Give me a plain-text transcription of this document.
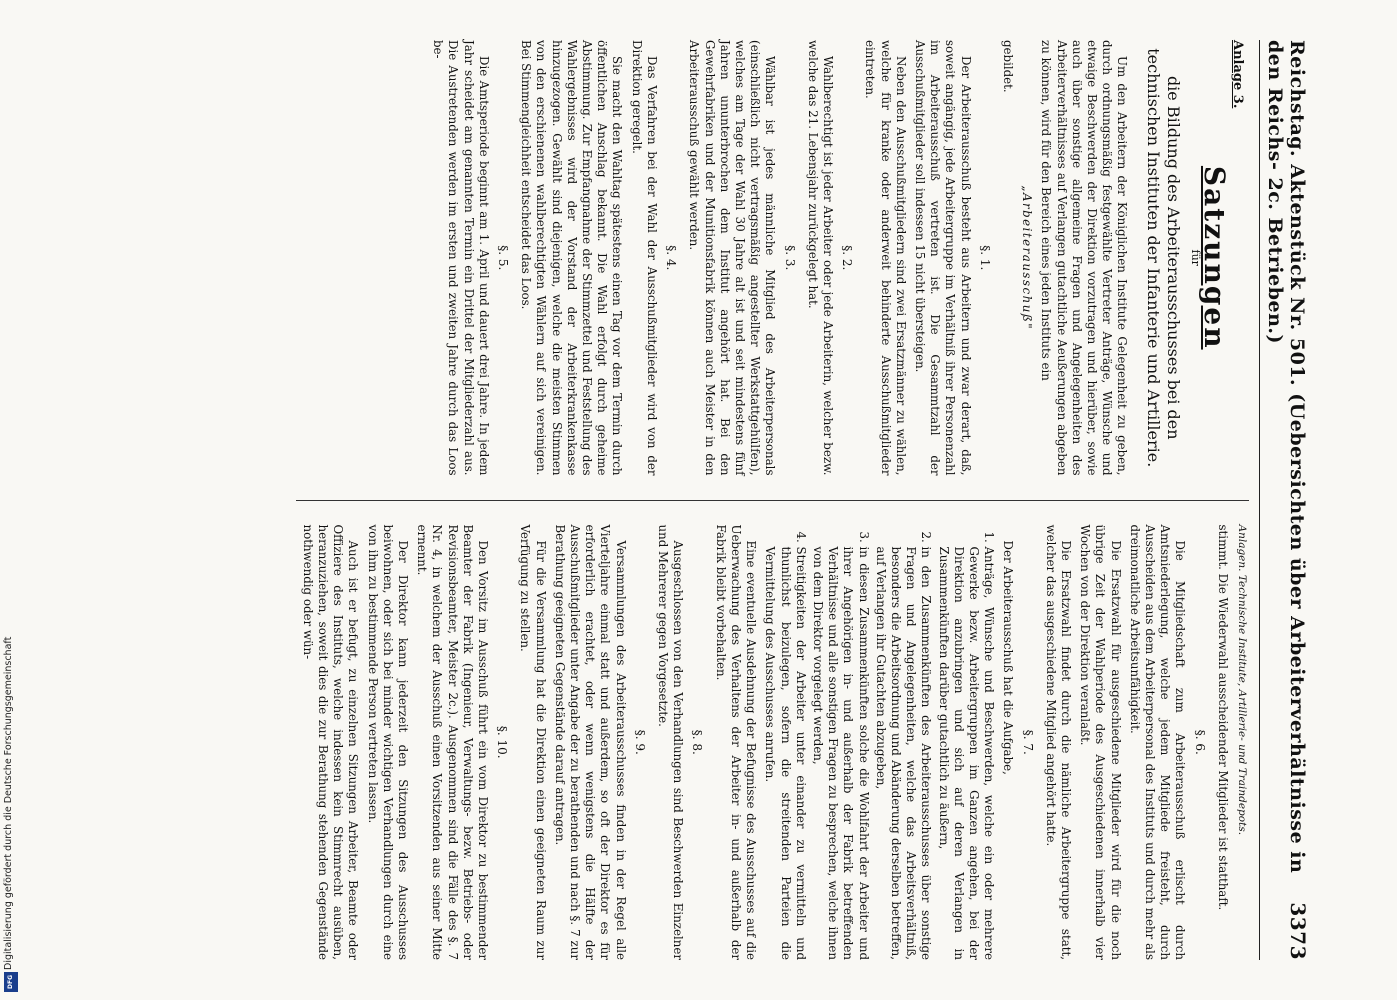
Reichstag. Aktenstück Nr. 501. (Uebersichten über Arbeiterverhältnisse in den Reichs- 2c. Betrieben.)
3373
Anlage 3.
Satzungen
für
die Bildung des Arbeiterausschusses bei den technischen Instituten der Infanterie und Artillerie.

Um den Arbeitern der Königlichen Institute Gelegenheit zu geben, durch ordnungsmäßig festgewählte Vertreter Anträge, Wünsche und etwaige Beschwerden der Direktion vorzutragen und hierüber, sowie auch über sonstige allgemeine Fragen und Angelegenheiten des Arbeiterverhältnisses auf Verlangen gutachtliche Aeußerungen abgeben zu können, wird für den Bereich eines jeden Instituts ein

„Arbeiterausschuß"

gebildet.

§. 1.

Der Arbeiterausschuß besteht aus Arbeitern und zwar derart, daß, soweit angängig, jede Arbeitergruppe im Verhältniß ihrer Personenzahl im Arbeiterausschuß vertreten ist. Die Gesammtzahl der Ausschußmitglieder soll indessen 15 nicht übersteigen.

Neben den Ausschußmitgliedern sind zwei Ersatzmänner zu wählen, welche für kranke oder anderweit behinderte Ausschußmitglieder eintreten.

§. 2.

Wahlberechtigt ist jeder Arbeiter oder jede Arbeiterin, welcher bezw. welche das 21. Lebensjahr zurückgelegt hat.

§. 3.

Wählbar ist jedes männliche Mitglied des Arbeiterpersonals (einschließlich nicht vertragsmäßig angestellter Werkstattgehülfen), welches am Tage der Wahl 30 Jahre alt ist und seit mindestens fünf Jahren ununterbrochen dem Institut angehört hat. Bei den Gewehrfabriken und der Munitionsfabrik können auch Meister in den Arbeiterausschuß gewählt werden.

§. 4.

Das Verfahren bei der Wahl der Ausschußmitglieder wird von der Direktion geregelt.

Sie macht den Wahltag spätestens einen Tag vor dem Termin durch öffentlichen Anschlag bekannt. Die Wahl erfolgt durch geheime Abstimmung. Zur Empfangnahme der Stimmzettel und Feststellung des Wahlergebnisses wird der Vorstand der Arbeiterkrankenkasse hinzugezogen. Gewählt sind diejenigen, welche die meisten Stimmen von den erschienenen wahlberechtigten Wählern auf sich vereinigen. Bei Stimmengleichheit entscheidet das Loos.

§. 5.

Die Amtsperiode beginnt am 1. April und dauert drei Jahre. In jedem Jahr scheidet am genannten Termin ein Drittel der Mitgliederzahl aus. Die Austretenden werden im ersten und zweiten Jahre durch das Loos be-

Anlagen. Technische Institute, Artillerie- und Traindepots.

stimmt. Die Wiederwahl ausscheidender Mitglieder ist statthaft.

§. 6.

Die Mitgliedschaft zum Arbeiterausschuß erlischt durch Amtsniederlegung, welche jedem Mitgliede freisteht, durch Ausscheiden aus dem Arbeiterpersonal des Instituts und durch mehr als dreimonatliche Arbeitsunfähigkeit.

Die Ersatzwahl für ausgeschiedene Mitglieder wird für die noch übrige Zeit der Wahlperiode des Ausgeschiedenen innerhalb vier Wochen von der Direktion veranlaßt.

Die Ersatzwahl findet durch die nämliche Arbeitergruppe statt, welcher das ausgeschiedene Mitglied angehört hatte.

§. 7.

Der Arbeiterausschuß hat die Aufgabe,

1. Anträge, Wünsche und Beschwerden, welche ein oder mehrere Gewerke bezw. Arbeitergruppen im Ganzen angehen, bei der Direktion anzubringen und sich auf deren Verlangen in Zusammenkünften darüber gutachtlich zu äußern,
2. in den Zusammenkünften des Arbeiterausschusses über sonstige Fragen und Angelegenheiten, welche das Arbeitsverhältniß, besonders die Arbeitsordnung und Abänderung derselben betreffen, auf Verlangen ihr Gutachten abzugeben,
3. in diesen Zusammenkünften solche die Wohlfahrt der Arbeiter und ihrer Angehörigen in- und außerhalb der Fabrik betreffenden Verhältnisse und alle sonstigen Fragen zu besprechen, welche ihnen von dem Direktor vorgelegt werden,
4. Streitigkeiten der Arbeiter unter einander zu vermitteln und thunlichst beizulegen, sofern die streitenden Parteien die Vermittelung des Ausschusses anrufen.

Eine eventuelle Ausdehnung der Befugnisse des Ausschusses auf die Ueberwachung des Verhaltens der Arbeiter in- und außerhalb der Fabrik bleibt vorbehalten.

§. 8.

Ausgeschlossen von den Verhandlungen sind Beschwerden Einzelner und Mehrerer gegen Vorgesetzte.

§. 9.

Versammlungen des Arbeiterausschusses finden in der Regel alle Vierteljahre einmal statt und außerdem, so oft der Direktor es für erforderlich erachtet, oder wenn wenigstens die Hälfte der Ausschußmitglieder unter Angabe der zu berathenden und nach §. 7 zur Berathung geeigneten Gegenstände darauf antragen.

Für die Versammlung hat die Direktion einen geeigneten Raum zur Verfügung zu stellen.

§. 10.

Den Vorsitz im Ausschuß führt ein vom Direktor zu bestimmender Beamter der Fabrik (Ingenieur, Verwaltungs- bezw. Betriebs- oder Revisionsbeamter, Meister 2c.). Ausgenommen sind die Fälle des §. 7 Nr. 4, in welchem der Ausschuß einen Vorsitzenden aus seiner Mitte ernennt.

Der Direktor kann jederzeit den Sitzungen des Ausschusses beiwohnen, oder sich bei minder wichtigen Verhandlungen durch eine von ihm zu bestimmende Person vertreten lassen.

Auch ist er befugt, zu einzelnen Sitzungen Arbeiter, Beamte oder Offiziere des Instituts, welche indessen kein Stimmrecht ausüben, heranzuziehen, soweit dies die zur Berathung stehenden Gegenstände nothwendig oder wün-

Digitalisierung gefördert durch die Deutsche Forschungsgemeinschaft
DFG
